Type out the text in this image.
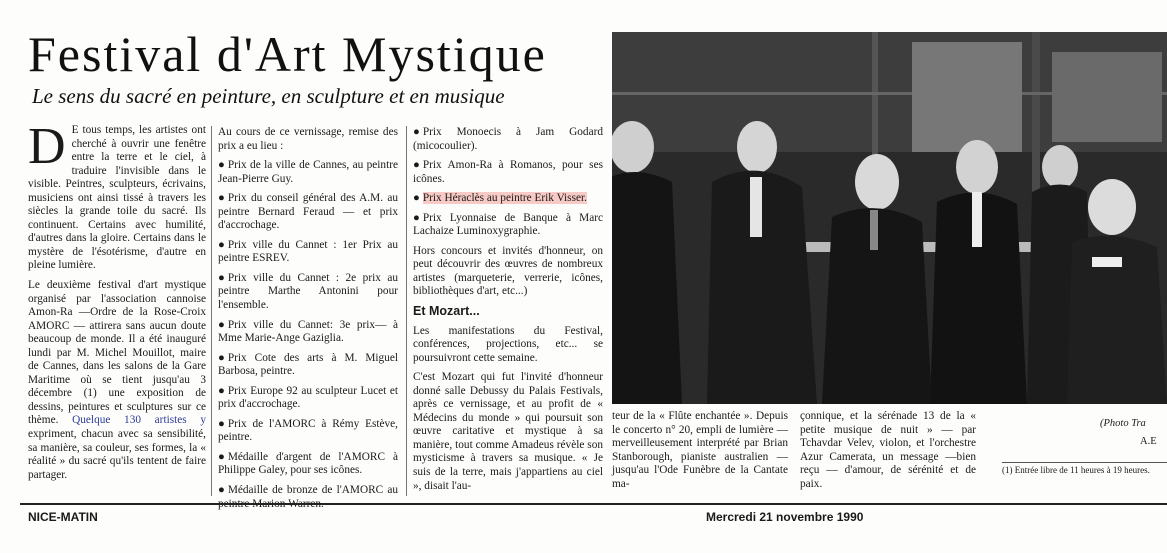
Festival d'Art Mystique
Le sens du sacré en peinture, en sculpture et en musique

D E tous temps, les artistes ont cherché à ouvrir une fenêtre entre la terre et le ciel, à traduire l'invisible dans le visible. Peintres, sculpteurs, écrivains, musiciens ont ainsi tissé à travers les siècles la grande toile du sacré. Ils continuent. Certains avec humilité, d'autres dans la gloire. Certains dans le mystère de l'ésotérisme, d'autre en pleine lumière.

Le deuxième festival d'art mystique organisé par l'association cannoise Amon-Ra —Ordre de la Rose-Croix AMORC — attirera sans aucun doute beaucoup de monde. Il a été inauguré lundi par M. Michel Mouillot, maire de Cannes, dans les salons de la Gare Maritime où se tient jusqu'au 3 décembre (1) une exposition de dessins, peintures et sculptures sur ce thème. Quelque 130 artistes y expriment, chacun avec sa sensibilité, sa manière, sa couleur, ses formes, la « réalité » du sacré qu'ils tentent de faire partager.

Au cours de ce vernissage, remise des prix a eu lieu :

● Prix de la ville de Cannes, au peintre Jean-Pierre Guy.

● Prix du conseil général des A.M. au peintre Bernard Feraud — et prix d'accrochage.

● Prix ville du Cannet : 1er Prix au peintre ESREV.

● Prix ville du Cannet : 2e prix au peintre Marthe Antonini pour l'ensemble.

● Prix ville du Cannet: 3e prix— à Mme Marie-Ange Gaziglia.

● Prix Cote des arts à M. Miguel Barbosa, peintre.

● Prix Europe 92 au sculpteur Lucet et prix d'accrochage.

● Prix de l'AMORC à Rémy Estève, peintre.

● Médaille d'argent de l'AMORC à Philippe Galey, pour ses icônes.

● Médaille de bronze de l'AMORC au

● Prix Monoecis à Jam Godard (micocoulier).

● Prix Amon-Ra à Romanos, pour ses icônes.

● Prix Héraclès au peintre Erik Visser.

● Prix Lyonnaise de Banque à Marc Lachaize Luminoxygraphie.

Hors concours et invités d'honneur, on peut découvrir des œuvres de nombreux artistes (marqueterie, verrerie, icônes, bibliothèques d'art, etc...)

Et Mozart...

Les manifestations du Festival, conférences, projections, etc... se poursuivront cette semaine.

C'est Mozart qui fut l'invité d'honneur donné salle Debussy du Palais Festivals, après ce vernissage, et au profit de « Médecins du monde » qui poursuit son œuvre caritative et mystique à sa manière, tout comme Amadeus révèle son mysticisme à travers sa musique. « Je suis de la terre, mais j'appartiens au ciel », disait l'au-

teur de la « Flûte enchantée ». Depuis le concerto n° 20, empli de lumière — merveilleusement interprété par Brian Stanborough, pianiste australien — jusqu'au l'Ode Funèbre de la Cantate ma-

çonnique, et la sérénade 13 de la « petite musique de nuit » — par Tchavdar Velev, violon, et l'orchestre Azur Camerata, un message —bien reçu — d'amour, de sérénité et de paix.

(Photo Tra
A.E
(1) Entrée libre de 11 heures à 19 heures.
NICE-MATIN	Mercredi 21 novembre 1990
